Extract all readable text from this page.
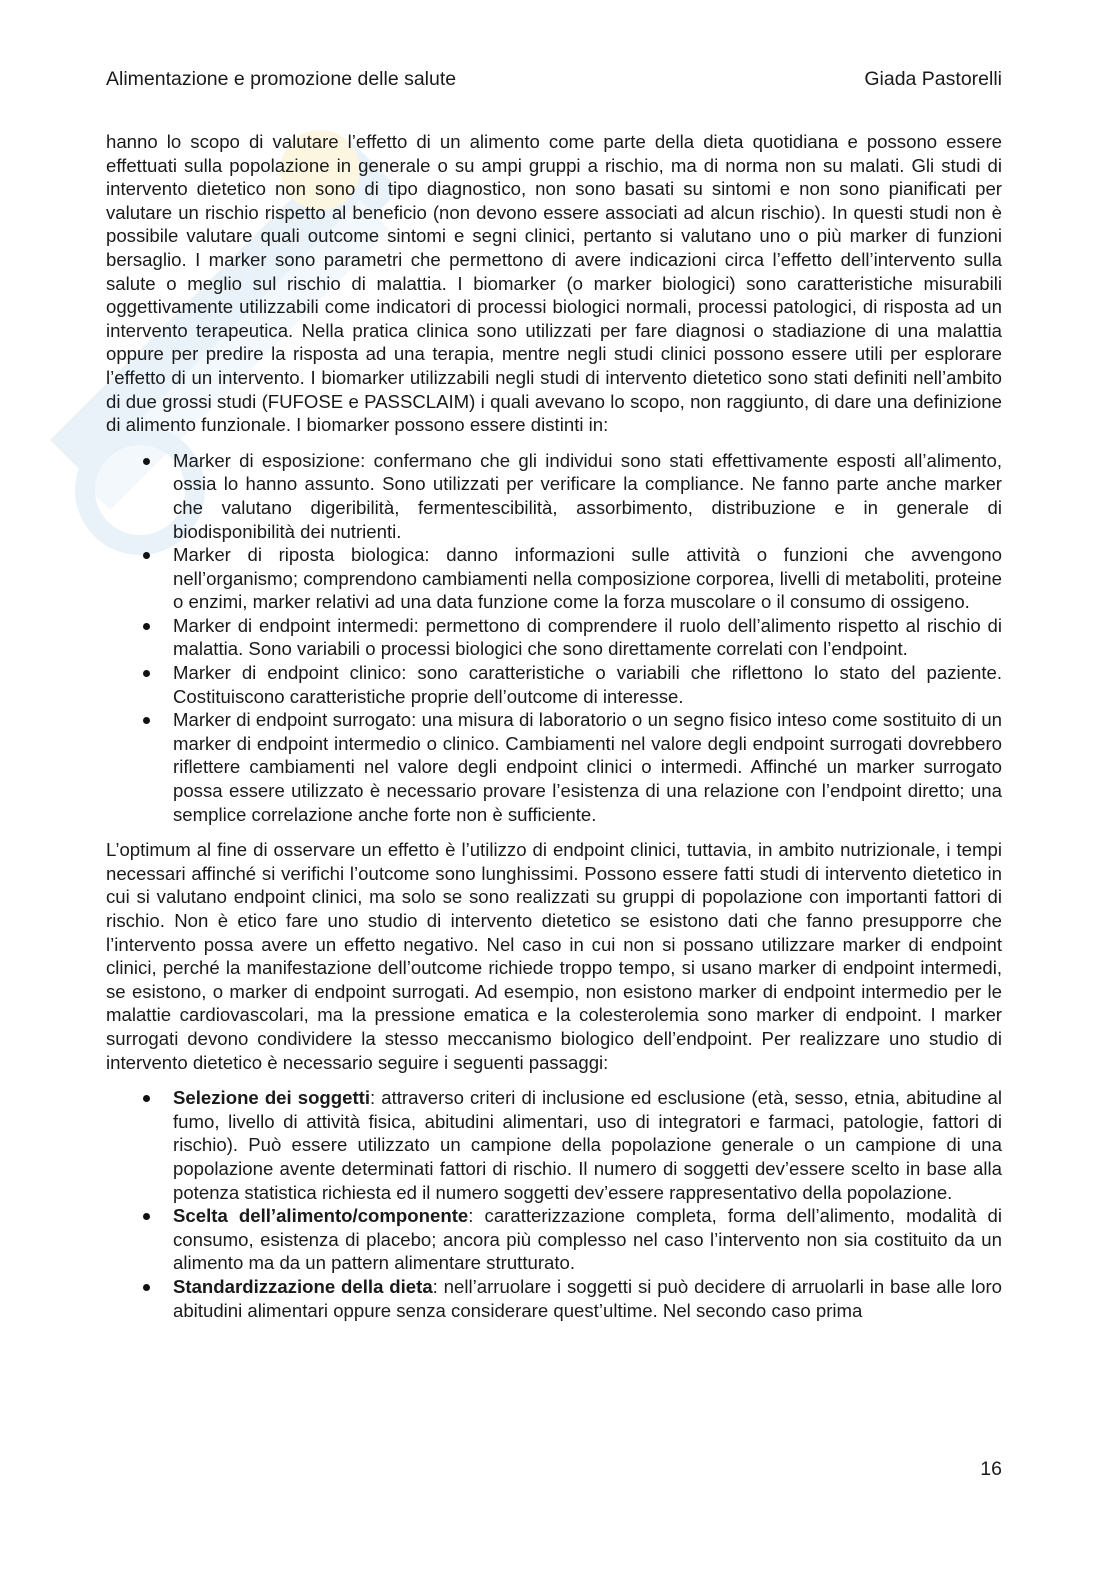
Alimentazione e promozione delle salute	Giada Pastorelli

hanno lo scopo di valutare l’effetto di un alimento come parte della dieta quotidiana e possono essere effettuati sulla popolazione in generale o su ampi gruppi a rischio, ma di norma non su malati. Gli studi di intervento dietetico non sono di tipo diagnostico, non sono basati su sintomi e non sono pianificati per valutare un rischio rispetto al beneficio (non devono essere associati ad alcun rischio). In questi studi non è possibile valutare quali outcome sintomi e segni clinici, pertanto si valutano uno o più marker di funzioni bersaglio. I marker sono parametri che permettono di avere indicazioni circa l’effetto dell’intervento sulla salute o meglio sul rischio di malattia. I biomarker (o marker biologici) sono caratteristiche misurabili oggettivamente utilizzabili come indicatori di processi biologici normali, processi patologici, di risposta ad un intervento terapeutica. Nella pratica clinica sono utilizzati per fare diagnosi o stadiazione di una malattia oppure per predire la risposta ad una terapia, mentre negli studi clinici possono essere utili per esplorare l’effetto di un intervento. I biomarker utilizzabili negli studi di intervento dietetico sono stati definiti nell’ambito di due grossi studi (FUFOSE e PASSCLAIM) i quali avevano lo scopo, non raggiunto, di dare una definizione di alimento funzionale. I biomarker possono essere distinti in:

Marker di esposizione: confermano che gli individui sono stati effettivamente esposti all’alimento, ossia lo hanno assunto. Sono utilizzati per verificare la compliance. Ne fanno parte anche marker che valutano digeribilità, fermentescibilità, assorbimento, distribuzione e in generale di biodisponibilità dei nutrienti.
Marker di riposta biologica: danno informazioni sulle attività o funzioni che avvengono nell’organismo; comprendono cambiamenti nella composizione corporea, livelli di metaboliti, proteine o enzimi, marker relativi ad una data funzione come la forza muscolare o il consumo di ossigeno.
Marker di endpoint intermedi: permettono di comprendere il ruolo dell’alimento rispetto al rischio di malattia. Sono variabili o processi biologici che sono direttamente correlati con l’endpoint.
Marker di endpoint clinico: sono caratteristiche o variabili che riflettono lo stato del paziente. Costituiscono caratteristiche proprie dell’outcome di interesse.
Marker di endpoint surrogato: una misura di laboratorio o un segno fisico inteso come sostituito di un marker di endpoint intermedio o clinico. Cambiamenti nel valore degli endpoint surrogati dovrebbero riflettere cambiamenti nel valore degli endpoint clinici o intermedi. Affinché un marker surrogato possa essere utilizzato è necessario provare l’esistenza di una relazione con l’endpoint diretto; una semplice correlazione anche forte non è sufficiente.

L’optimum al fine di osservare un effetto è l’utilizzo di endpoint clinici, tuttavia, in ambito nutrizionale, i tempi necessari affinché si verifichi l’outcome sono lunghissimi. Possono essere fatti studi di intervento dietetico in cui si valutano endpoint clinici, ma solo se sono realizzati su gruppi di popolazione con importanti fattori di rischio. Non è etico fare uno studio di intervento dietetico se esistono dati che fanno presupporre che l’intervento possa avere un effetto negativo. Nel caso in cui non si possano utilizzare marker di endpoint clinici, perché la manifestazione dell’outcome richiede troppo tempo, si usano marker di endpoint intermedi, se esistono, o marker di endpoint surrogati. Ad esempio, non esistono marker di endpoint intermedio per le malattie cardiovascolari, ma la pressione ematica e la colesterolemia sono marker di endpoint. I marker surrogati devono condividere la stesso meccanismo biologico dell’endpoint. Per realizzare uno studio di intervento dietetico è necessario seguire i seguenti passaggi:

Selezione dei soggetti: attraverso criteri di inclusione ed esclusione (età, sesso, etnia, abitudine al fumo, livello di attività fisica, abitudini alimentari, uso di integratori e farmaci, patologie, fattori di rischio). Può essere utilizzato un campione della popolazione generale o un campione di una popolazione avente determinati fattori di rischio. Il numero di soggetti dev’essere scelto in base alla potenza statistica richiesta ed il numero soggetti dev’essere rappresentativo della popolazione.
Scelta dell’alimento/componente: caratterizzazione completa, forma dell’alimento, modalità di consumo, esistenza di placebo; ancora più complesso nel caso l’intervento non sia costituito da un alimento ma da un pattern alimentare strutturato.
Standardizzazione della dieta: nell’arruolare i soggetti si può decidere di arruolarli in base alle loro abitudini alimentari oppure senza considerare quest’ultime. Nel secondo caso prima
16
